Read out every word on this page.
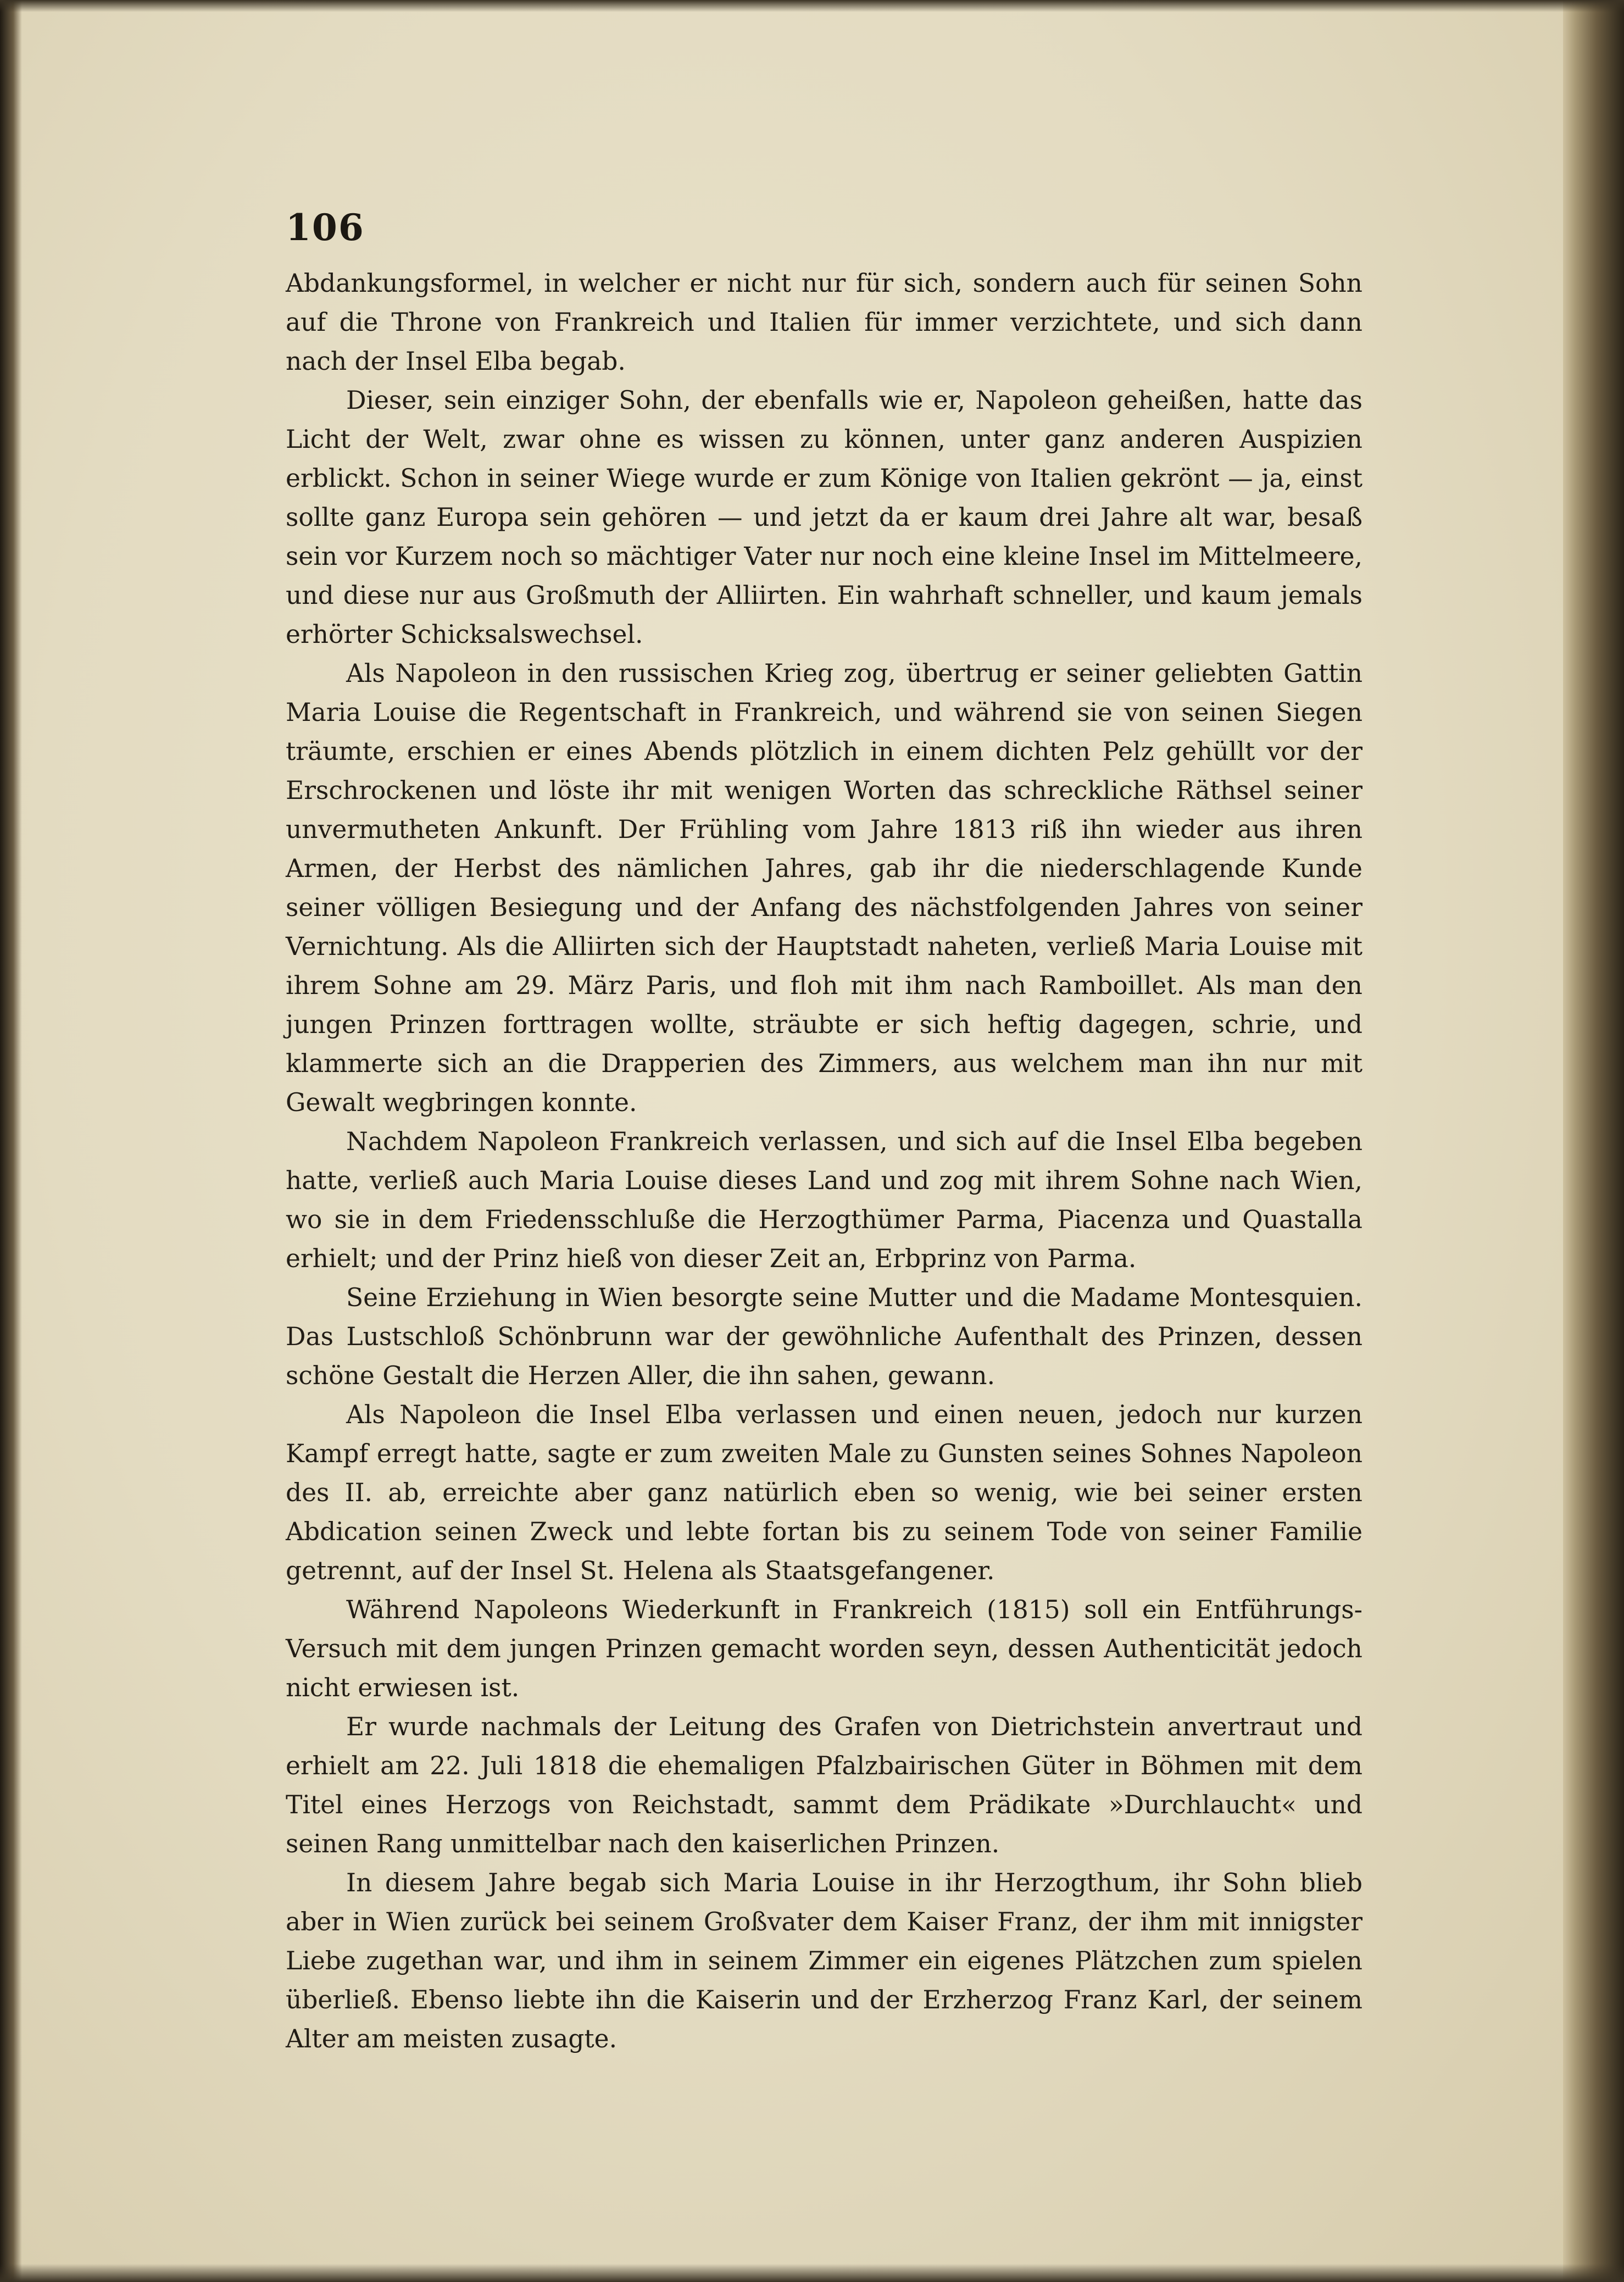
106

Abdankungsformel, in welcher er nicht nur für sich, sondern auch für seinen Sohn auf die Throne von Frankreich und Italien für immer verzichtete, und sich dann nach der Insel Elba begab.

Dieser, sein einziger Sohn, der ebenfalls wie er, Napoleon geheißen, hatte das Licht der Welt, zwar ohne es wissen zu können, unter ganz anderen Auspizien erblickt. Schon in seiner Wiege wurde er zum Könige von Italien gekrönt — ja, einst sollte ganz Europa sein gehören — und jetzt da er kaum drei Jahre alt war, besaß sein vor Kurzem noch so mächtiger Vater nur noch eine kleine Insel im Mittelmeere, und diese nur aus Großmuth der Alliirten. Ein wahrhaft schneller, und kaum jemals erhörter Schicksalswechsel.

Als Napoleon in den russischen Krieg zog, übertrug er seiner geliebten Gattin Maria Louise die Regentschaft in Frankreich, und während sie von seinen Siegen träumte, erschien er eines Abends plötzlich in einem dichten Pelz gehüllt vor der Erschrockenen und löste ihr mit wenigen Worten das schreckliche Räthsel seiner unvermutheten Ankunft. Der Frühling vom Jahre 1813 riß ihn wieder aus ihren Armen, der Herbst des nämlichen Jahres, gab ihr die niederschlagende Kunde seiner völligen Besiegung und der Anfang des nächstfolgenden Jahres von seiner Vernichtung. Als die Alliirten sich der Hauptstadt naheten, verließ Maria Louise mit ihrem Sohne am 29. März Paris, und floh mit ihm nach Ramboillet. Als man den jungen Prinzen forttragen wollte, sträubte er sich heftig dagegen, schrie, und klammerte sich an die Drapperien des Zimmers, aus welchem man ihn nur mit Gewalt wegbringen konnte.

Nachdem Napoleon Frankreich verlassen, und sich auf die Insel Elba begeben hatte, verließ auch Maria Louise dieses Land und zog mit ihrem Sohne nach Wien, wo sie in dem Friedensschluße die Herzogthümer Parma, Piacenza und Quastalla erhielt; und der Prinz hieß von dieser Zeit an, Erbprinz von Parma.

Seine Erziehung in Wien besorgte seine Mutter und die Madame Montesquien. Das Lustschloß Schönbrunn war der gewöhnliche Aufenthalt des Prinzen, dessen schöne Gestalt die Herzen Aller, die ihn sahen, gewann.

Als Napoleon die Insel Elba verlassen und einen neuen, jedoch nur kurzen Kampf erregt hatte, sagte er zum zweiten Male zu Gunsten seines Sohnes Napoleon des II. ab, erreichte aber ganz natürlich eben so wenig, wie bei seiner ersten Abdication seinen Zweck und lebte fortan bis zu seinem Tode von seiner Familie getrennt, auf der Insel St. Helena als Staatsgefangener.

Während Napoleons Wiederkunft in Frankreich (1815) soll ein Entführungs-Versuch mit dem jungen Prinzen gemacht worden seyn, dessen Authenticität jedoch nicht erwiesen ist.

Er wurde nachmals der Leitung des Grafen von Dietrichstein anvertraut und erhielt am 22. Juli 1818 die ehemaligen Pfalzbairischen Güter in Böhmen mit dem Titel eines Herzogs von Reichstadt, sammt dem Prädikate »Durchlaucht« und seinen Rang unmittelbar nach den kaiserlichen Prinzen.

In diesem Jahre begab sich Maria Louise in ihr Herzogthum, ihr Sohn blieb aber in Wien zurück bei seinem Großvater dem Kaiser Franz, der ihm mit innigster Liebe zugethan war, und ihm in seinem Zimmer ein eigenes Plätzchen zum spielen überließ. Ebenso liebte ihn die Kaiserin und der Erzherzog Franz Karl, der seinem Alter am meisten zusagte.
